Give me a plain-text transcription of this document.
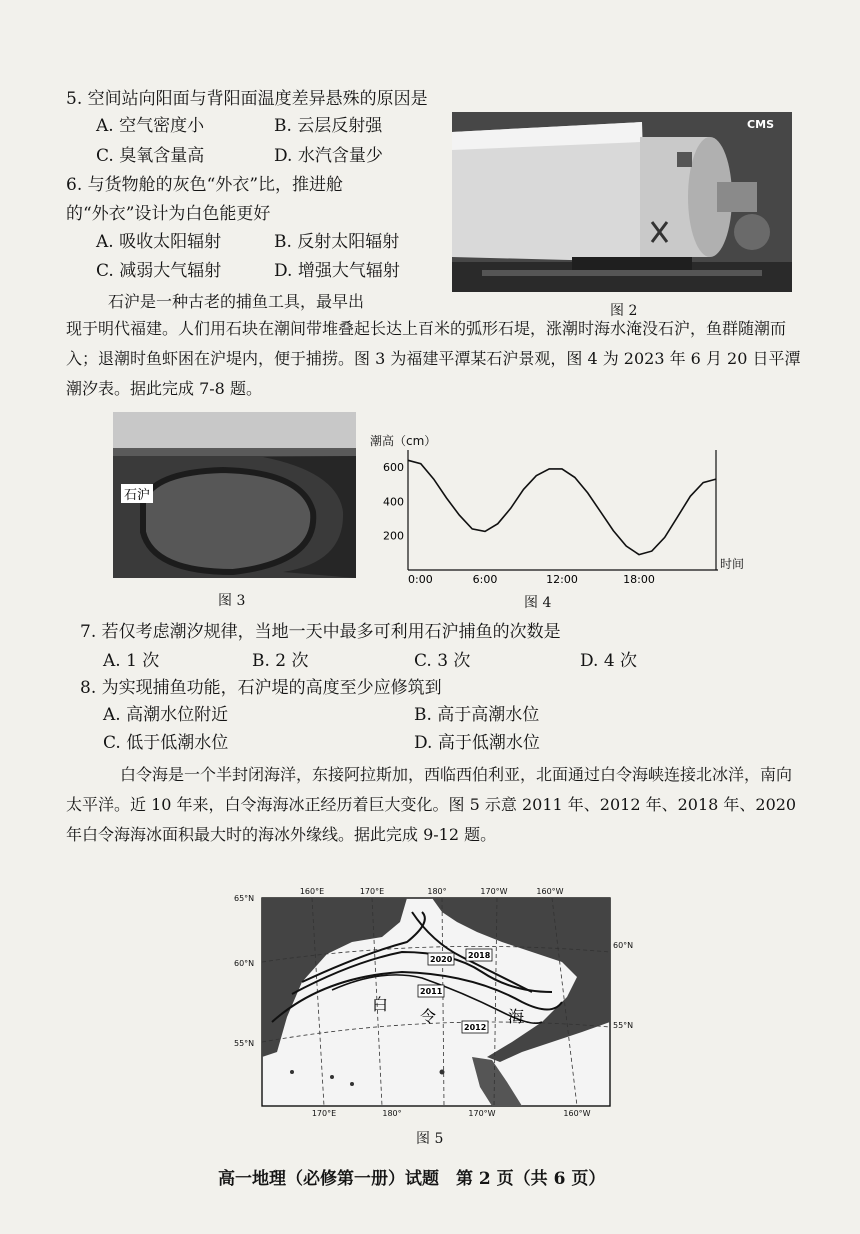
5. 空间站向阳面与背阳面温度差异悬殊的原因是
A. 空气密度小	B. 云层反射强
C. 臭氧含量高	D. 水汽含量少
6. 与货物舱的灰色“外衣”比，推进舱
的“外衣”设计为白色能更好
A. 吸收太阳辐射	B. 反射太阳辐射
C. 减弱大气辐射	D. 增强大气辐射
CMS
图 2
石沪是一种古老的捕鱼工具，最早出
现于明代福建。人们用石块在潮间带堆叠起长达上百米的弧形石堤，涨潮时海水淹没石沪，鱼群随潮而入；退潮时鱼虾困在沪堤内，便于捕捞。图 3 为福建平潭某石沪景观，图 4 为 2023 年 6 月 20 日平潭潮汐表。据此完成 7-8 题。
石沪
图 3
潮高（cm）
200
400
600
0:00	6:00	12:00	18:00
时间
图 4
7. 若仅考虑潮汐规律，当地一天中最多可利用石沪捕鱼的次数是
A. 1 次	B. 2 次	C. 3 次	D. 4 次
8. 为实现捕鱼功能，石沪堤的高度至少应修筑到
A. 高潮水位附近	B. 高于高潮水位
C. 低于低潮水位	D. 高于低潮水位
白令海是一个半封闭海洋，东接阿拉斯加，西临西伯利亚，北面通过白令海峡连接北冰洋，南向太平洋。近 10 年来，白令海海冰正经历着巨大变化。图 5 示意 2011 年、2012 年、2018 年、2020 年白令海海冰面积最大时的海冰外缘线。据此完成 9-12 题。
2020 2018
2011
2012
白
令	海
160°E	170°E	180°	170°W	160°W
170°E	180°	170°W	160°W
65°N
60°N
55°N
60°N
55°N
图 5
高一地理（必修第一册）试题　第 2 页（共 6 页）
